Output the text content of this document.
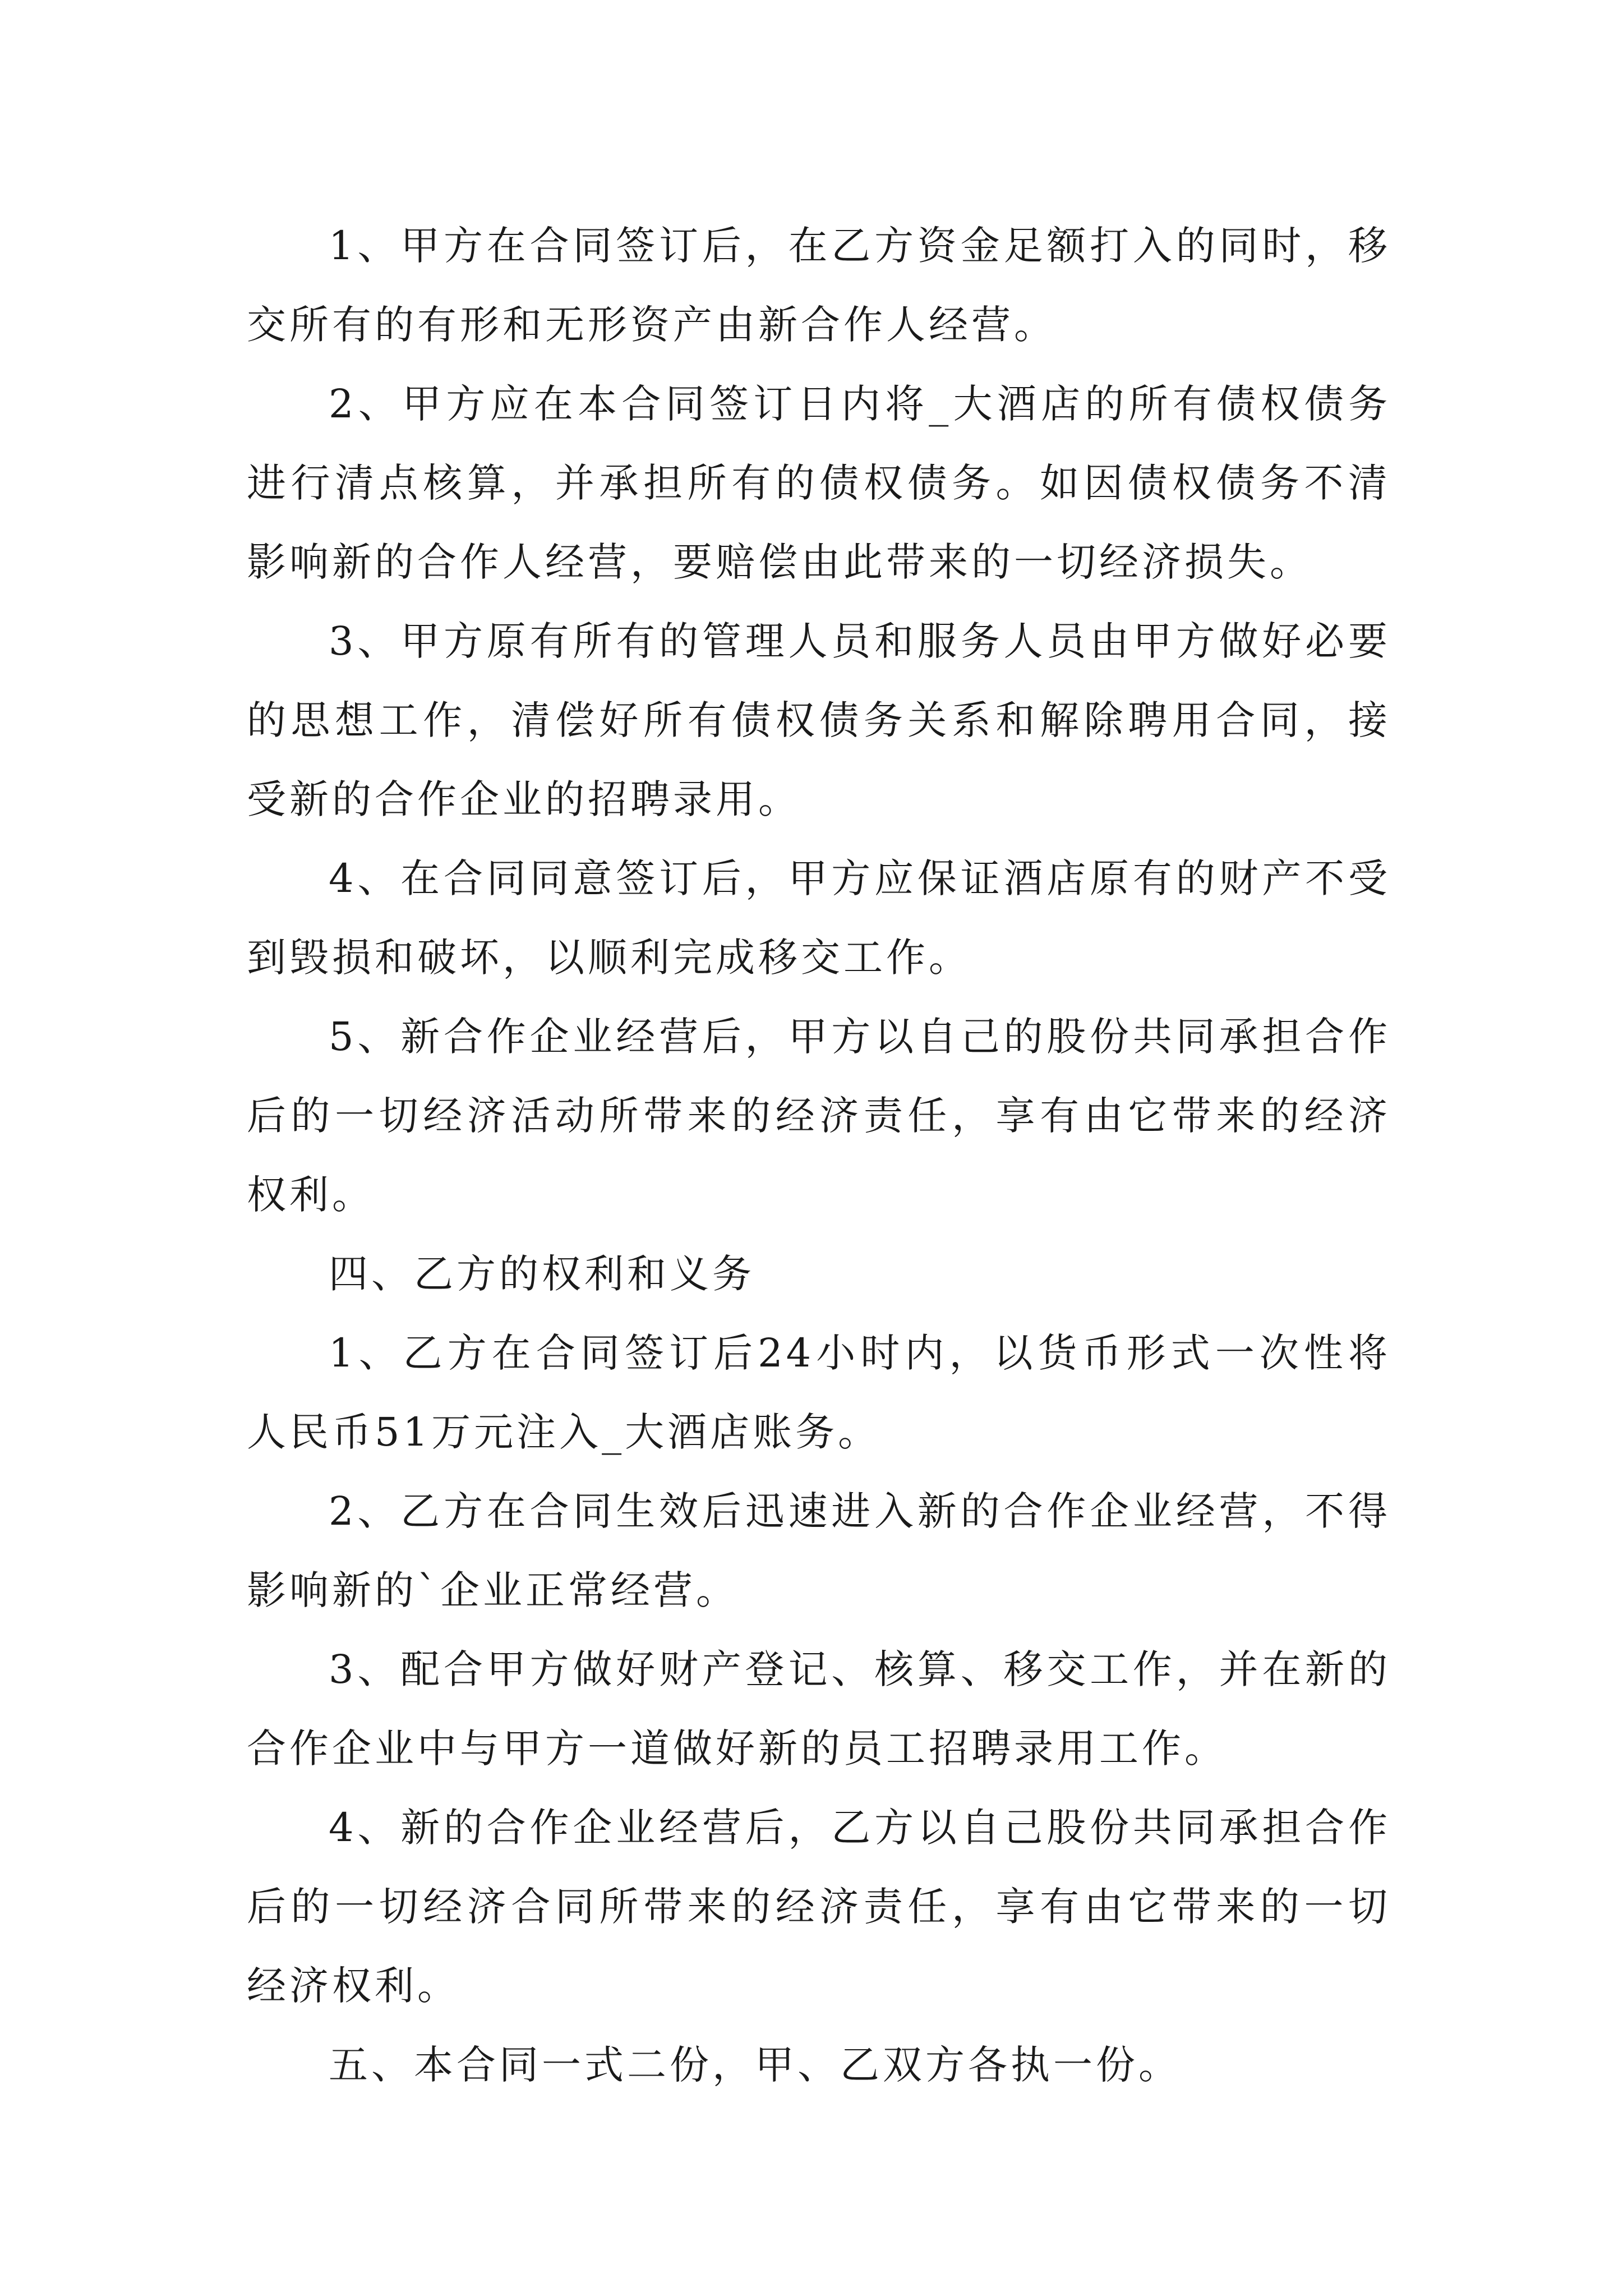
1、甲方在合同签订后，在乙方资金足额打入的同时，移交所有的有形和无形资产由新合作人经营。

2、甲方应在本合同签订日内将_大酒店的所有债权债务进行清点核算，并承担所有的债权债务。如因债权债务不清影响新的合作人经营，要赔偿由此带来的一切经济损失。

3、甲方原有所有的管理人员和服务人员由甲方做好必要的思想工作，清偿好所有债权债务关系和解除聘用合同，接受新的合作企业的招聘录用。

4、在合同同意签订后，甲方应保证酒店原有的财产不受到毁损和破坏，以顺利完成移交工作。

5、新合作企业经营后，甲方以自己的股份共同承担合作后的一切经济活动所带来的经济责任，享有由它带来的经济权利。

四、乙方的权利和义务

1、乙方在合同签订后24小时内，以货币形式一次性将人民币51万元注入_大酒店账务。

2、乙方在合同生效后迅速进入新的合作企业经营，不得影响新的`企业正常经营。

3、配合甲方做好财产登记、核算、移交工作，并在新的合作企业中与甲方一道做好新的员工招聘录用工作。

4、新的合作企业经营后，乙方以自己股份共同承担合作后的一切经济合同所带来的经济责任，享有由它带来的一切经济权利。

五、本合同一式二份，甲、乙双方各执一份。
